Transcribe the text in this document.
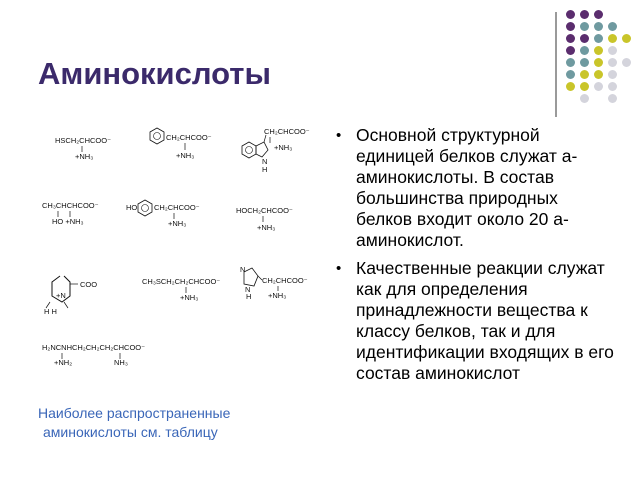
Аминокислоты
HSCH₂CHCOO⁻
+NH₃
CH₂CHCOO⁻
+NH₃
CH₂CHCOO⁻
+NH₃
N
H
CH₃CHCHCOO⁻
HO +NH₃
HO CH₂CHCOO⁻
+NH₃
HOCH₂CHCOO⁻
+NH₃
COO
+N
H H
CH₃SCH₂CH₂CHCOO⁻
+NH₃
N
N
H
CH₂CHCOO⁻
+NH₃
H₂NCNHCH₂CH₂CH₂CHCOO⁻
+NH₂	NH₃
• Основной структурной единицей белков служат а-аминокислоты. В состав большинства природных белков входит около 20 а-аминокислот.
• Качественные реакции служат как для определения принадлежности вещества к классу белков, так и для идентификации входящих в его состав аминокислот
Наиболее распространенные
аминокислоты см. таблицу
